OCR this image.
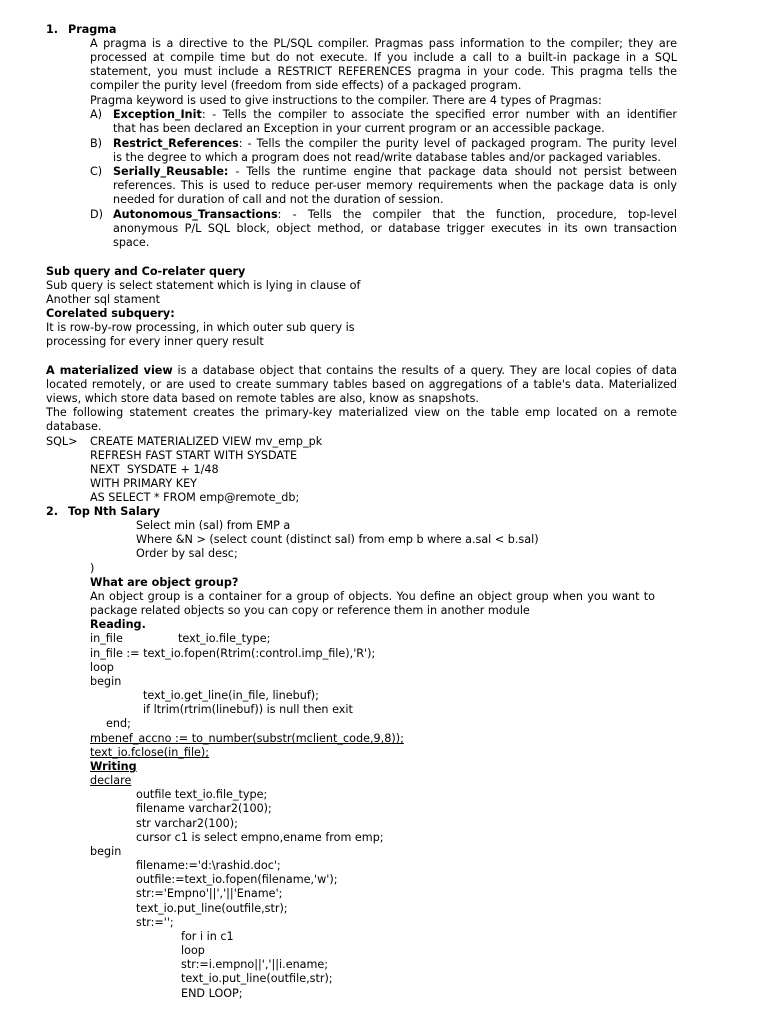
1. Pragma
A pragma is a directive to the PL/SQL compiler. Pragmas pass information to the compiler; they are
processed at compile time but do not execute. If you include a call to a built-in package in a SQL
statement, you must include a RESTRICT REFERENCES pragma in your code. This pragma tells the
compiler the purity level (freedom from side effects) of a packaged program.
Pragma keyword is used to give instructions to the compiler. There are 4 types of Pragmas:
A) Exception_Init: - Tells the compiler to associate the specified error number with an identifier
that has been declared an Exception in your current program or an accessible package.
B) Restrict_References: - Tells the compiler the purity level of packaged program. The purity level
is the degree to which a program does not read/write database tables and/or packaged variables.
C) Serially_Reusable: - Tells the runtime engine that package data should not persist between
references. This is used to reduce per-user memory requirements when the package data is only
needed for duration of call and not the duration of session.
D) Autonomous_Transactions: - Tells the compiler that the function, procedure, top-level
anonymous P/L SQL block, object method, or database trigger executes in its own transaction
space.
Sub query and Co-relater query
Sub query is select statement which is lying in clause of
Another sql stament
Corelated subquery:
It is row-by-row processing, in which outer sub query is
processing for every inner query result
A materialized view is a database object that contains the results of a query. They are local copies of data
located remotely, or are used to create summary tables based on aggregations of a table's data. Materialized
views, which store data based on remote tables are also, know as snapshots.
The following statement creates the primary-key materialized view on the table emp located on a remote
database.
SQL> CREATE MATERIALIZED VIEW mv_emp_pk
REFRESH FAST START WITH SYSDATE
NEXT  SYSDATE + 1/48
WITH PRIMARY KEY
AS SELECT * FROM emp@remote_db;
2. Top Nth Salary
Select min (sal) from EMP a
Where &N > (select count (distinct sal) from emp b where a.sal < b.sal)
Order by sal desc;
)
What are object group?
An object group is a container for a group of objects. You define an object group when you want to
package related objects so you can copy or reference them in another module
Reading.
in_file	text_io.file_type;
in_file := text_io.fopen(Rtrim(:control.imp_file),'R');
loop
begin
text_io.get_line(in_file, linebuf);
if ltrim(rtrim(linebuf)) is null then exit
end;
mbenef_accno := to_number(substr(mclient_code,9,8));
text_io.fclose(in_file);
Writing
declare
outfile text_io.file_type;
filename varchar2(100);
str varchar2(100);
cursor c1 is select empno,ename from emp;
begin
filename:='d:\rashid.doc';
outfile:=text_io.fopen(filename,'w');
str:='Empno'||','||'Ename';
text_io.put_line(outfile,str);
str:='';
for i in c1
loop
str:=i.empno||','||i.ename;
text_io.put_line(outfile,str);
END LOOP;
